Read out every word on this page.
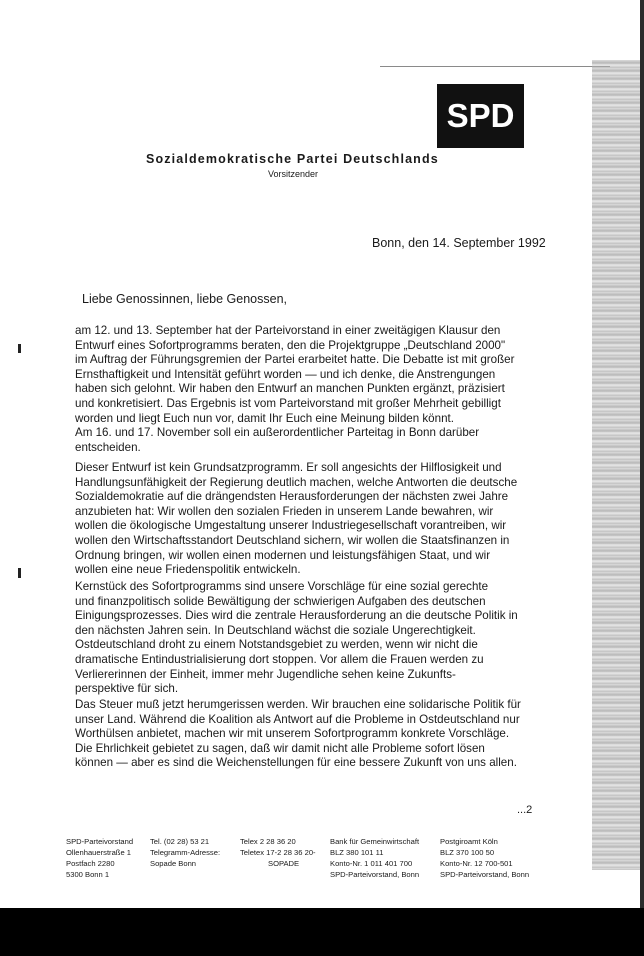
SPD
Sozialdemokratische Partei Deutschlands
Vorsitzender
Bonn, den 14. September 1992
Liebe Genossinnen, liebe Genossen,
am 12. und 13. September hat der Parteivorstand in einer zweitägigen Klausur den
Entwurf eines Sofortprogramms beraten, den die Projektgruppe „Deutschland 2000"
im Auftrag der Führungsgremien der Partei erarbeitet hatte. Die Debatte ist mit großer
Ernsthaftigkeit und Intensität geführt worden — und ich denke, die Anstrengungen
haben sich gelohnt. Wir haben den Entwurf an manchen Punkten ergänzt, präzisiert
und konkretisiert. Das Ergebnis ist vom Parteivorstand mit großer Mehrheit gebilligt
worden und liegt Euch nun vor, damit Ihr Euch eine Meinung bilden könnt.
Am 16. und 17. November soll ein außerordentlicher Parteitag in Bonn darüber
entscheiden.
Dieser Entwurf ist kein Grundsatzprogramm. Er soll angesichts der Hilflosigkeit und
Handlungsunfähigkeit der Regierung deutlich machen, welche Antworten die deutsche
Sozialdemokratie auf die drängendsten Herausforderungen der nächsten zwei Jahre
anzubieten hat: Wir wollen den sozialen Frieden in unserem Lande bewahren, wir
wollen die ökologische Umgestaltung unserer Industriegesellschaft vorantreiben, wir
wollen den Wirtschaftsstandort Deutschland sichern, wir wollen die Staatsfinanzen in
Ordnung bringen, wir wollen einen modernen und leistungsfähigen Staat, und wir
wollen eine neue Friedenspolitik entwickeln.
Kernstück des Sofortprogramms sind unsere Vorschläge für eine sozial gerechte
und finanzpolitisch solide Bewältigung der schwierigen Aufgaben des deutschen
Einigungsprozesses. Dies wird die zentrale Herausforderung an die deutsche Politik in
den nächsten Jahren sein. In Deutschland wächst die soziale Ungerechtigkeit.
Ostdeutschland droht zu einem Notstandsgebiet zu werden, wenn wir nicht die
dramatische Entindustrialisierung dort stoppen. Vor allem die Frauen werden zu
Verliererinnen der Einheit, immer mehr Jugendliche sehen keine Zukunfts-
perspektive für sich.
Das Steuer muß jetzt herumgerissen werden. Wir brauchen eine solidarische Politik für
unser Land. Während die Koalition als Antwort auf die Probleme in Ostdeutschland nur
Worthülsen anbietet, machen wir mit unserem Sofortprogramm konkrete Vorschläge.
Die Ehrlichkeit gebietet zu sagen, daß wir damit nicht alle Probleme sofort lösen
können — aber es sind die Weichenstellungen für eine bessere Zukunft von uns allen.
...2
SPD-Parteivorstand
Ollenhauerstraße 1
Postfach 2280
5300 Bonn 1
Tel. (02 28) 53 21
Telegramm-Adresse:
Sopade Bonn
Telex 2 28 36 20
Teletex 17-2 28 36 20-
SOPADE
Bank für Gemeinwirtschaft
BLZ 380 101 11
Konto-Nr. 1 011 401 700
SPD-Parteivorstand, Bonn
Postgiroamt Köln
BLZ 370 100 50
Konto-Nr. 12 700-501
SPD-Parteivorstand, Bonn
